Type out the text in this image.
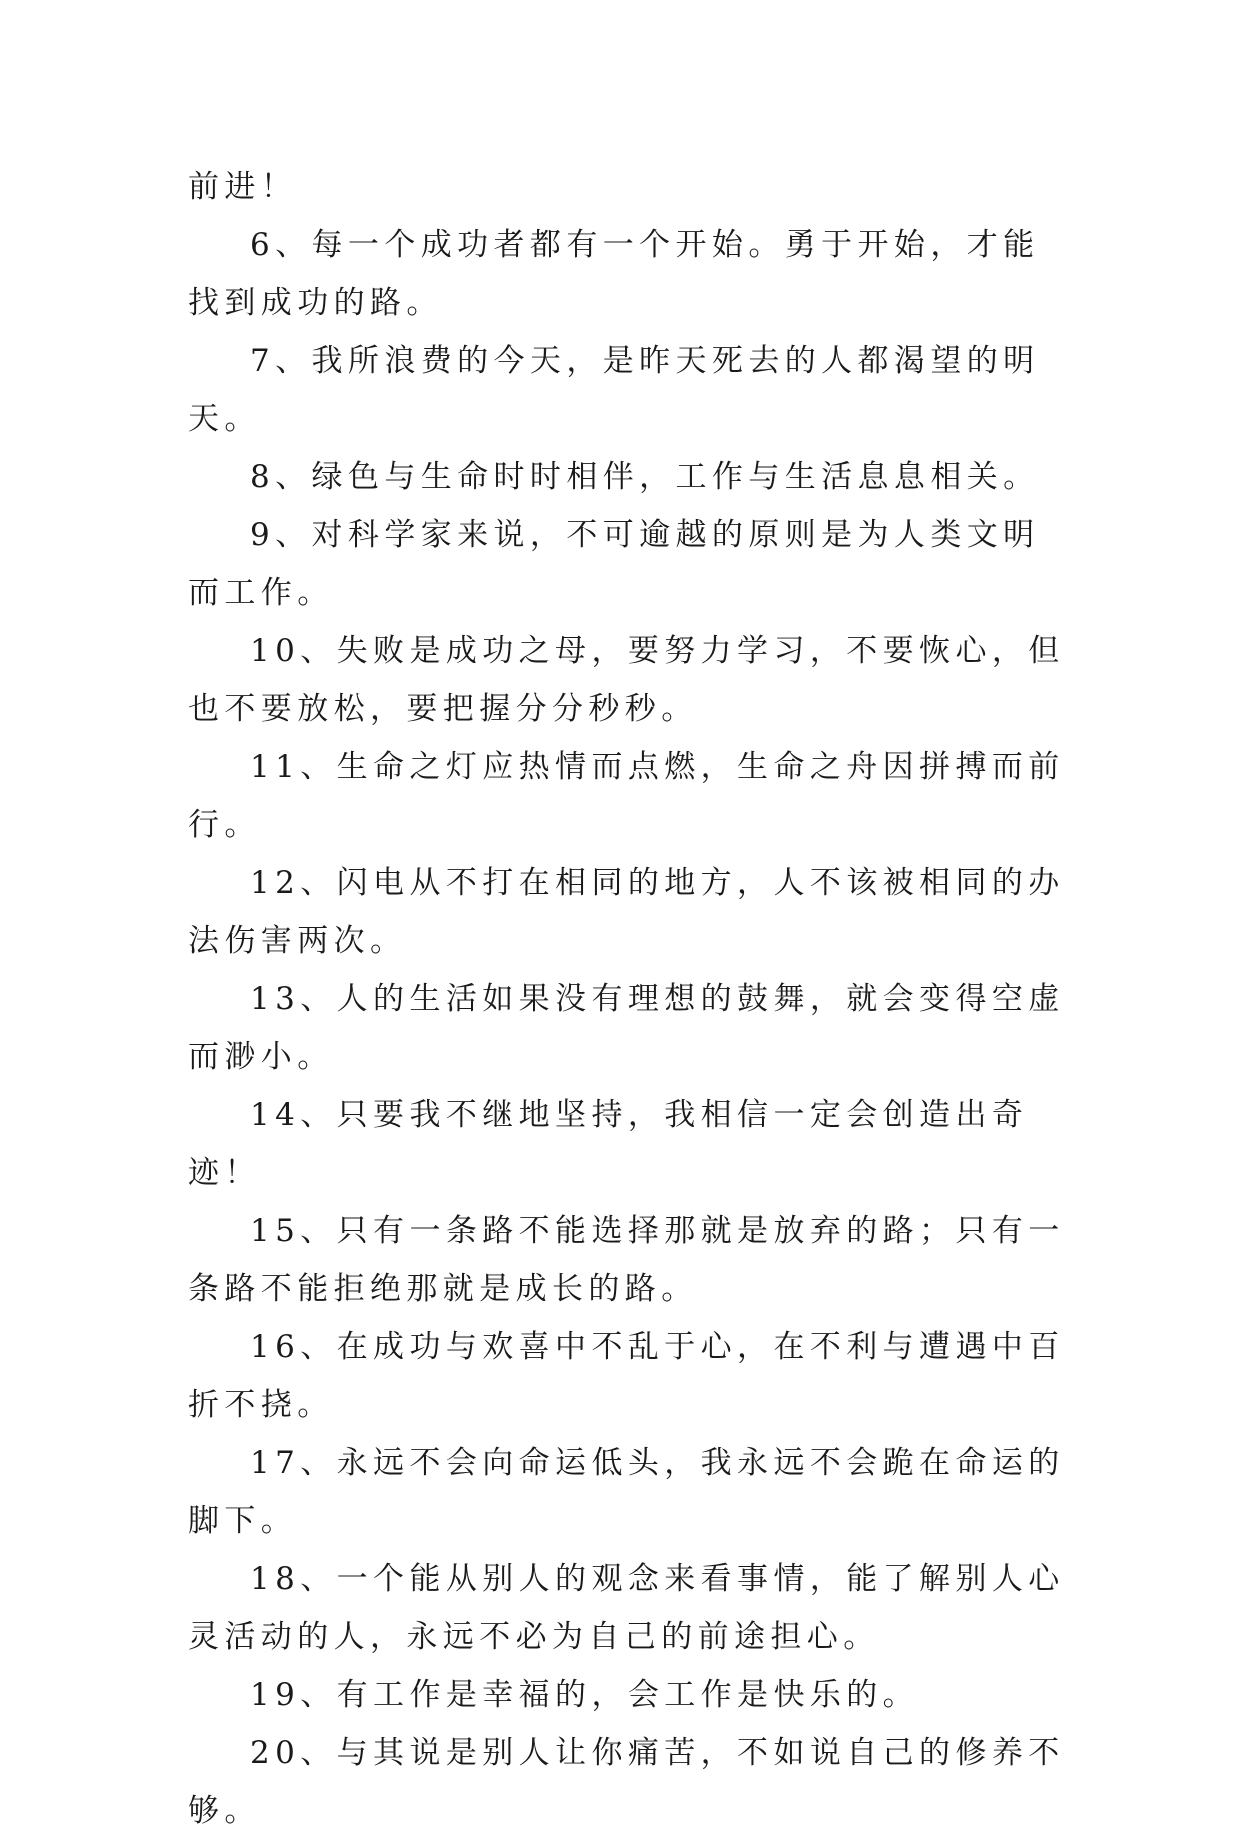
前进！

6、每一个成功者都有一个开始。勇于开始，才能找到成功的路。

7、我所浪费的今天，是昨天死去的人都渴望的明天。

8、绿色与生命时时相伴，工作与生活息息相关。

9、对科学家来说，不可逾越的原则是为人类文明而工作。

10、失败是成功之母，要努力学习，不要恢心，但也不要放松，要把握分分秒秒。

11、生命之灯应热情而点燃，生命之舟因拼搏而前行。

12、闪电从不打在相同的地方，人不该被相同的办法伤害两次。

13、人的生活如果没有理想的鼓舞，就会变得空虚而渺小。

14、只要我不继地坚持，我相信一定会创造出奇迹！

15、只有一条路不能选择那就是放弃的路；只有一条路不能拒绝那就是成长的路。

16、在成功与欢喜中不乱于心，在不利与遭遇中百折不挠。

17、永远不会向命运低头，我永远不会跪在命运的脚下。

18、一个能从别人的观念来看事情，能了解别人心灵活动的人，永远不必为自己的前途担心。

19、有工作是幸福的，会工作是快乐的。

20、与其说是别人让你痛苦，不如说自己的修养不够。
